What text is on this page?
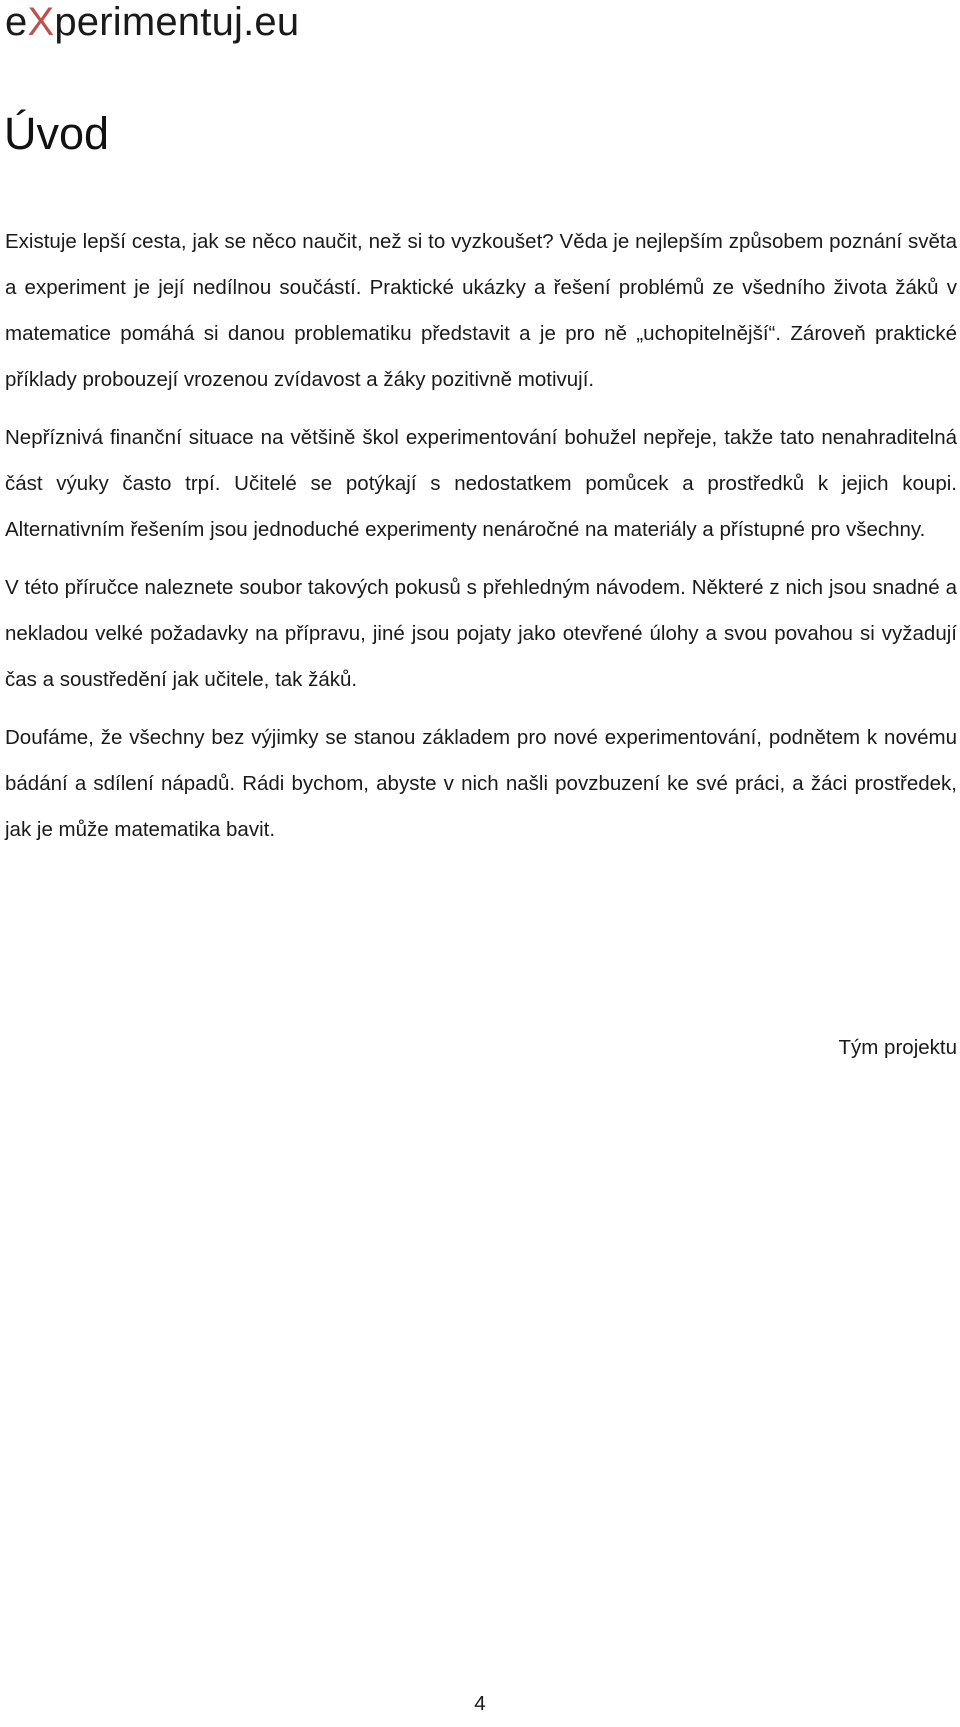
eXperimentuj.eu
Úvod

Existuje lepší cesta, jak se něco naučit, než si to vyzkoušet? Věda je nejlepším způsobem poznání světa a experiment je její nedílnou součástí. Praktické ukázky a řešení problémů ze všedního života žáků v matematice pomáhá si danou problematiku představit a je pro ně „uchopitelnější“. Zároveň praktické příklady probouzejí vrozenou zvídavost a žáky pozitivně motivují.

Nepříznivá finanční situace na většině škol experimentování bohužel nepřeje, takže tato nenahraditelná část výuky často trpí. Učitelé se potýkají s nedostatkem pomůcek a prostředků k jejich koupi. Alternativním řešením jsou jednoduché experimenty nenáročné na materiály a přístupné pro všechny.

V této příručce naleznete soubor takových pokusů s přehledným návodem. Některé z nich jsou snadné a nekladou velké požadavky na přípravu, jiné jsou pojaty jako otevřené úlohy a svou povahou si vyžadují čas a soustředění jak učitele, tak žáků.

Doufáme, že všechny bez výjimky se stanou základem pro nové experimentování, podnětem k novému bádání a sdílení nápadů. Rádi bychom, abyste v nich našli povzbuzení ke své práci, a žáci prostředek, jak je může matematika bavit.

Tým projektu
4
